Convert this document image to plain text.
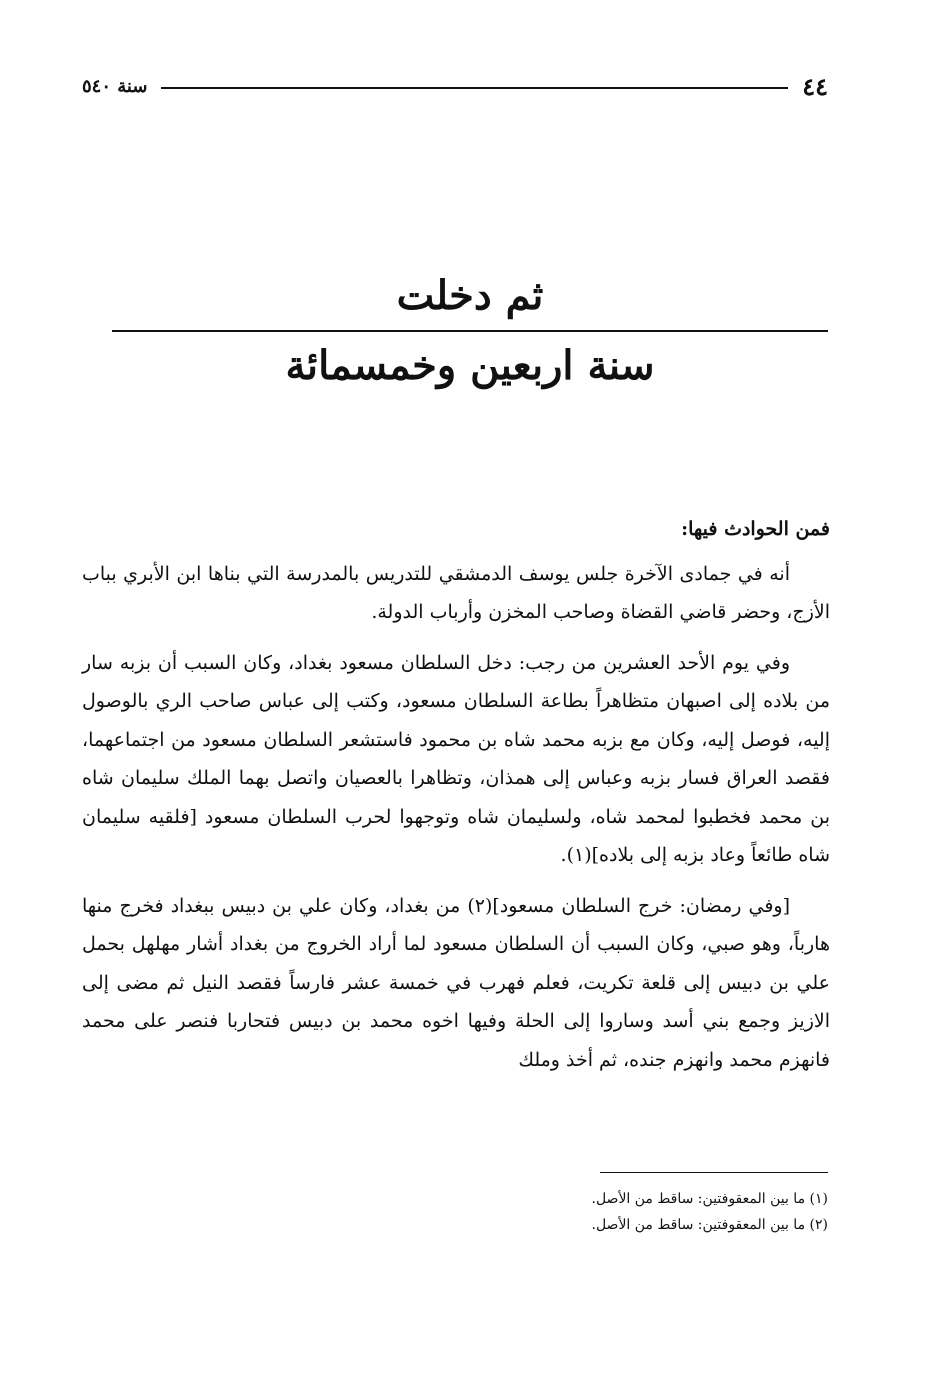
٤٤
سنة ٥٤٠
ثم دخلت
سنة اربعين وخمسمائة

فمن الحوادث فيها:

أنه في جمادى الآخرة جلس يوسف الدمشقي للتدريس بالمدرسة التي بناها ابن الأبري بباب الأزج، وحضر قاضي القضاة وصاحب المخزن وأرباب الدولة.

وفي يوم الأحد العشرين من رجب: دخل السلطان مسعود بغداد، وكان السبب أن بزبه سار من بلاده إلى اصبهان متظاهراً بطاعة السلطان مسعود، وكتب إلى عباس صاحب الري بالوصول إليه، فوصل إليه، وكان مع بزبه محمد شاه بن محمود فاستشعر السلطان مسعود من اجتماعهما، فقصد العراق فسار بزبه وعباس إلى همذان، وتظاهرا بالعصيان واتصل بهما الملك سليمان شاه بن محمد فخطبوا لمحمد شاه، ولسليمان شاه وتوجهوا لحرب السلطان مسعود [فلقيه سليمان شاه طائعاً وعاد بزبه إلى بلاده](١).

[وفي رمضان: خرج السلطان مسعود](٢) من بغداد، وكان علي بن دبيس ببغداد فخرج منها هارباً، وهو صبي، وكان السبب أن السلطان مسعود لما أراد الخروج من بغداد أشار مهلهل بحمل علي بن دبيس إلى قلعة تكريت، فعلم فهرب في خمسة عشر فارساً فقصد النيل ثم مضى إلى الازيز وجمع بني أسد وساروا إلى الحلة وفيها اخوه محمد بن دبيس فتحاربا فنصر على محمد فانهزم محمد وانهزم جنده، ثم أخذ وملك

(١) ما بين المعقوفتين: ساقط من الأصل.
(٢) ما بين المعقوفتين: ساقط من الأصل.
